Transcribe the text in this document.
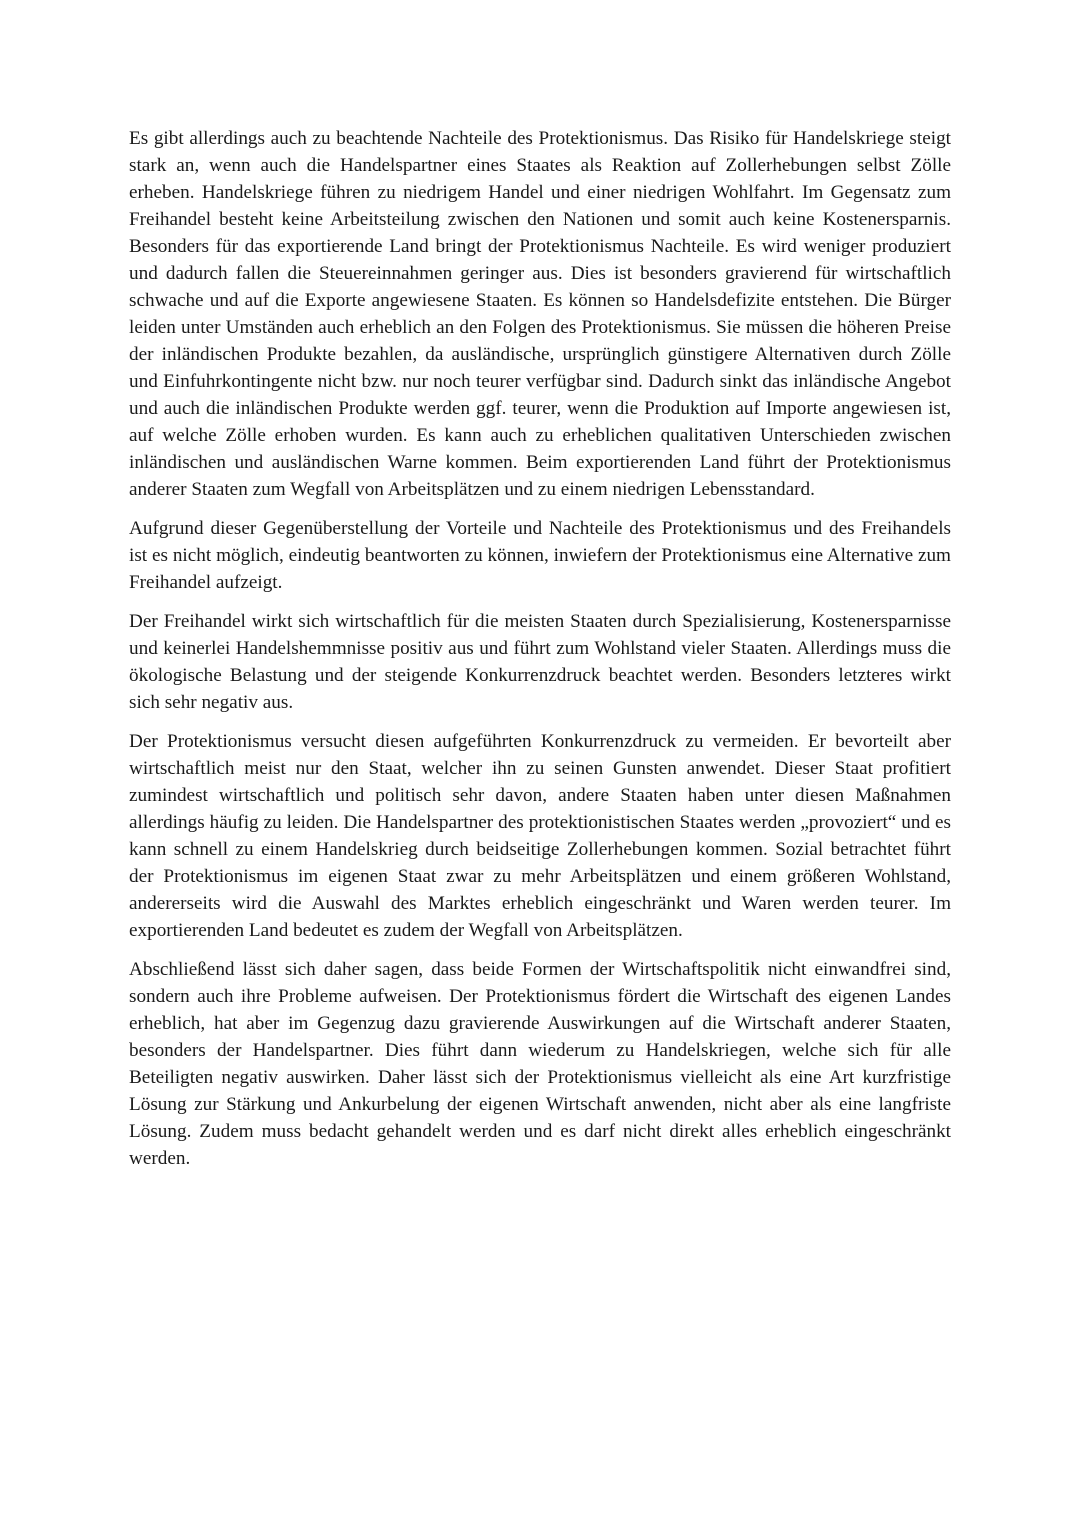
Es gibt allerdings auch zu beachtende Nachteile des Protektionismus. Das Risiko für Handelskriege steigt stark an, wenn auch die Handelspartner eines Staates als Reaktion auf Zollerhebungen selbst Zölle erheben. Handelskriege führen zu niedrigem Handel und einer niedrigen Wohlfahrt. Im Gegensatz zum Freihandel besteht keine Arbeitsteilung zwischen den Nationen und somit auch keine Kostenersparnis. Besonders für das exportierende Land bringt der Protektionismus Nachteile. Es wird weniger produziert und dadurch fallen die Steuereinnahmen geringer aus. Dies ist besonders gravierend für wirtschaftlich schwache und auf die Exporte angewiesene Staaten. Es können so Handelsdefizite entstehen. Die Bürger leiden unter Umständen auch erheblich an den Folgen des Protektionismus. Sie müssen die höheren Preise der inländischen Produkte bezahlen, da ausländische, ursprünglich günstigere Alternativen durch Zölle und Einfuhrkontingente nicht bzw. nur noch teurer verfügbar sind. Dadurch sinkt das inländische Angebot und auch die inländischen Produkte werden ggf. teurer, wenn die Produktion auf Importe angewiesen ist, auf welche Zölle erhoben wurden. Es kann auch zu erheblichen qualitativen Unterschieden zwischen inländischen und ausländischen Warne kommen. Beim exportierenden Land führt der Protektionismus anderer Staaten zum Wegfall von Arbeitsplätzen und zu einem niedrigen Lebensstandard.

Aufgrund dieser Gegenüberstellung der Vorteile und Nachteile des Protektionismus und des Freihandels ist es nicht möglich, eindeutig beantworten zu können, inwiefern der Protektionismus eine Alternative zum Freihandel aufzeigt.

Der Freihandel wirkt sich wirtschaftlich für die meisten Staaten durch Spezialisierung, Kostenersparnisse und keinerlei Handelshemmnisse positiv aus und führt zum Wohlstand vieler Staaten. Allerdings muss die ökologische Belastung und der steigende Konkurrenzdruck beachtet werden. Besonders letzteres wirkt sich sehr negativ aus.

Der Protektionismus versucht diesen aufgeführten Konkurrenzdruck zu vermeiden. Er bevorteilt aber wirtschaftlich meist nur den Staat, welcher ihn zu seinen Gunsten anwendet. Dieser Staat profitiert zumindest wirtschaftlich und politisch sehr davon, andere Staaten haben unter diesen Maßnahmen allerdings häufig zu leiden. Die Handelspartner des protektionistischen Staates werden „provoziert“ und es kann schnell zu einem Handelskrieg durch beidseitige Zollerhebungen kommen. Sozial betrachtet führt der Protektionismus im eigenen Staat zwar zu mehr Arbeitsplätzen und einem größeren Wohlstand, andererseits wird die Auswahl des Marktes erheblich eingeschränkt und Waren werden teurer. Im exportierenden Land bedeutet es zudem der Wegfall von Arbeitsplätzen.

Abschließend lässt sich daher sagen, dass beide Formen der Wirtschaftspolitik nicht einwandfrei sind, sondern auch ihre Probleme aufweisen. Der Protektionismus fördert die Wirtschaft des eigenen Landes erheblich, hat aber im Gegenzug dazu gravierende Auswirkungen auf die Wirtschaft anderer Staaten, besonders der Handelspartner. Dies führt dann wiederum zu Handelskriegen, welche sich für alle Beteiligten negativ auswirken. Daher lässt sich der Protektionismus vielleicht als eine Art kurzfristige Lösung zur Stärkung und Ankurbelung der eigenen Wirtschaft anwenden, nicht aber als eine langfriste Lösung. Zudem muss bedacht gehandelt werden und es darf nicht direkt alles erheblich eingeschränkt werden.
